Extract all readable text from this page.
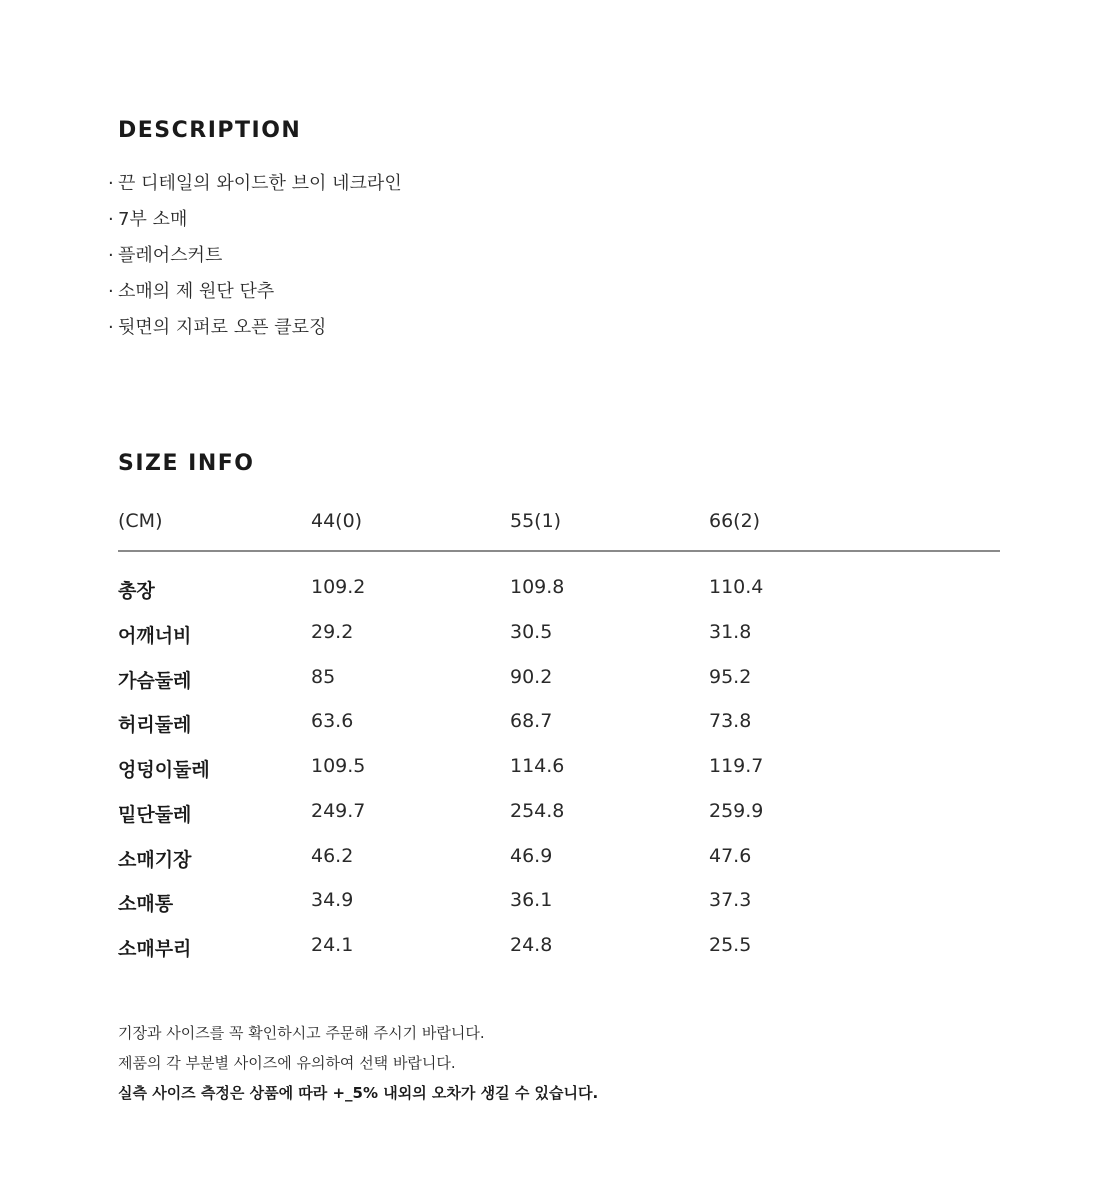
DESCRIPTION
· 끈 디테일의 와이드한 브이 네크라인
· 7부 소매
· 플레어스커트
· 소매의 제 원단 단추
· 뒷면의 지퍼로 오픈 클로징
SIZE INFO
(CM)	44(0)	55(1)	66(2)
총장	109.2	109.8	110.4
어깨너비	29.2	30.5	31.8
가슴둘레	85	90.2	95.2
허리둘레	63.6	68.7	73.8
엉덩이둘레	109.5	114.6	119.7
밑단둘레	249.7	254.8	259.9
소매기장	46.2	46.9	47.6
소매통	34.9	36.1	37.3
소매부리	24.1	24.8	25.5
기장과 사이즈를 꼭 확인하시고 주문해 주시기 바랍니다.
제품의 각 부분별 사이즈에 유의하여 선택 바랍니다.
실측 사이즈 측정은 상품에 따라 +_5% 내외의 오차가 생길 수 있습니다.
